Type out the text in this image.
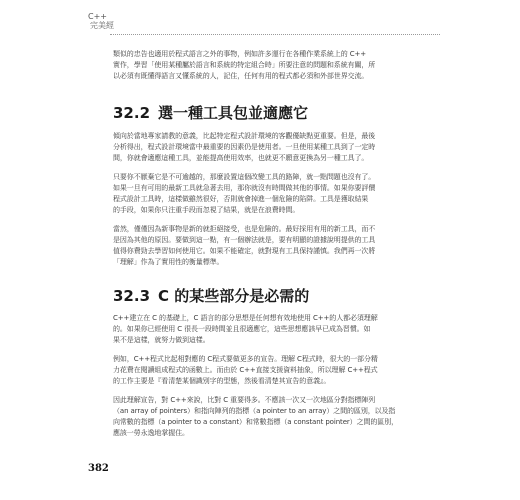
C++
完美經
類似的忠告也適用於程式語言之外的事物，例如許多運行在各種作業系統上的 C++
實作，學習「使用某種屬於語言和系統的特定組合時」所要注意的問題和系統有關，所
以必須有既懂得語言又懂系統的人，記住，任何有用的程式都必須和外部世界交流。
32.2 選一種工具包並適應它
傾向於當地專家請教的意義，比起特定程式設計環境的客觀優缺點更重要。但是，最後
分析得出，程式設計環境當中最重要的因素仍是使用者。一旦使用某種工具到了一定時
間，你就會適應這種工具，並能提高使用效率，也就更不願意更換為另一種工具了。
只要你不厭棄它是不可逾越的，那麼設置這個改變工具的路障，就一點問題也沒有了。
如果一旦有可用的最新工具就急著去用，那你就沒有時間做其他的事情。如果你要評價
程式設計工具時，這樣做雖然很好，否則就會掉進一個危險的陷阱。工具是獲取結果
的手段，如果你只注重手段而忽視了結果，就是在浪費時間。
當然，僅僅因為新事物是新的就拒絕接受，也是危險的。最好採用有用的新工具，而不
是因為其他的原因。要做到這一點，有一個辦法就是，要有明顯的證據說明提供的工具
值得你費勁去學習如何使用它。如果不能確定，就對現有工具保持謹慎。我們再一次將
「理解」作為了實用性的衡量標準。
32.3 C 的某些部分是必需的
C++建立在 C 的基礎上，C 語言的部分思想是任何想有效地使用 C++的人都必須理解
的。如果你已經使用 C 很長一段時間並且很適應它，這些思想應該早已成為習慣。如
果不是這樣，就努力做到這樣。
例如，C++程式比起相對應的 C程式要做更多的宣告。理解 C程式時，很大的一部分精
力花費在閱讀組成程式的函數上。而由於 C++直接支援資料抽象，所以理解 C++程式
的工作主要是『看清楚某個識別字的型態，然後看清楚其宣告的意義』。
因此理解宣告，對 C++來說，比對 C 重要得多。不應該一次又一次地區分對指標陣列
（an array of pointers）和指向陣列的指標（a pointer to an array）之間的區別，以及指
向常數的指標（a pointer to a constant）和常數指標（a constant pointer）之間的區別，
應該一勞永逸地掌握住。
382
